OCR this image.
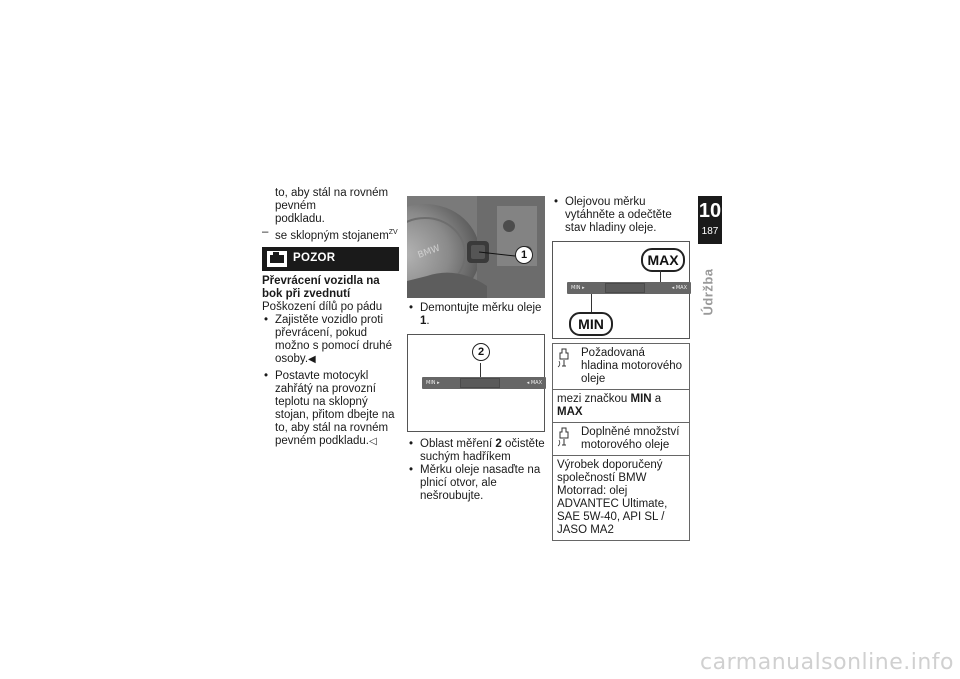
to, aby stál na rovném pevném
podkladu.
– se sklopným stojanem$^{ZV}$
POZOR
Převrácení vozidla na bok při zvednutí
Poškození dílů po pádu
• Zajistěte vozidlo proti převrácení, pokud možno s pomocí druhé osoby.◀
• Postavte motocykl zahřátý na provozní teplotu na sklopný stojan, přitom dbejte na to, aby stál na rovném pevném podkladu.◁
BMW	1
• Demontujte měrku oleje 1.
2
MIN ▸	◂ MAX
• Oblast měření 2 očistěte suchým hadříkem
• Měrku oleje nasaďte na plnicí otvor, ale nešroubujte.
• Olejovou měrku vytáhněte a odečtěte stav hladiny oleje.
MAX
MIN ▸	◂ MAX
MIN
Požadovaná hladina motorového oleje
mezi značkou MIN a MAX
Doplněné množství motorového oleje
Výrobek doporučený společností BMW Motorrad: olej ADVANTEC Ultimate, SAE 5W-40, API SL / JASO MA2
10
187
Údržba
carmanualsonline.info
